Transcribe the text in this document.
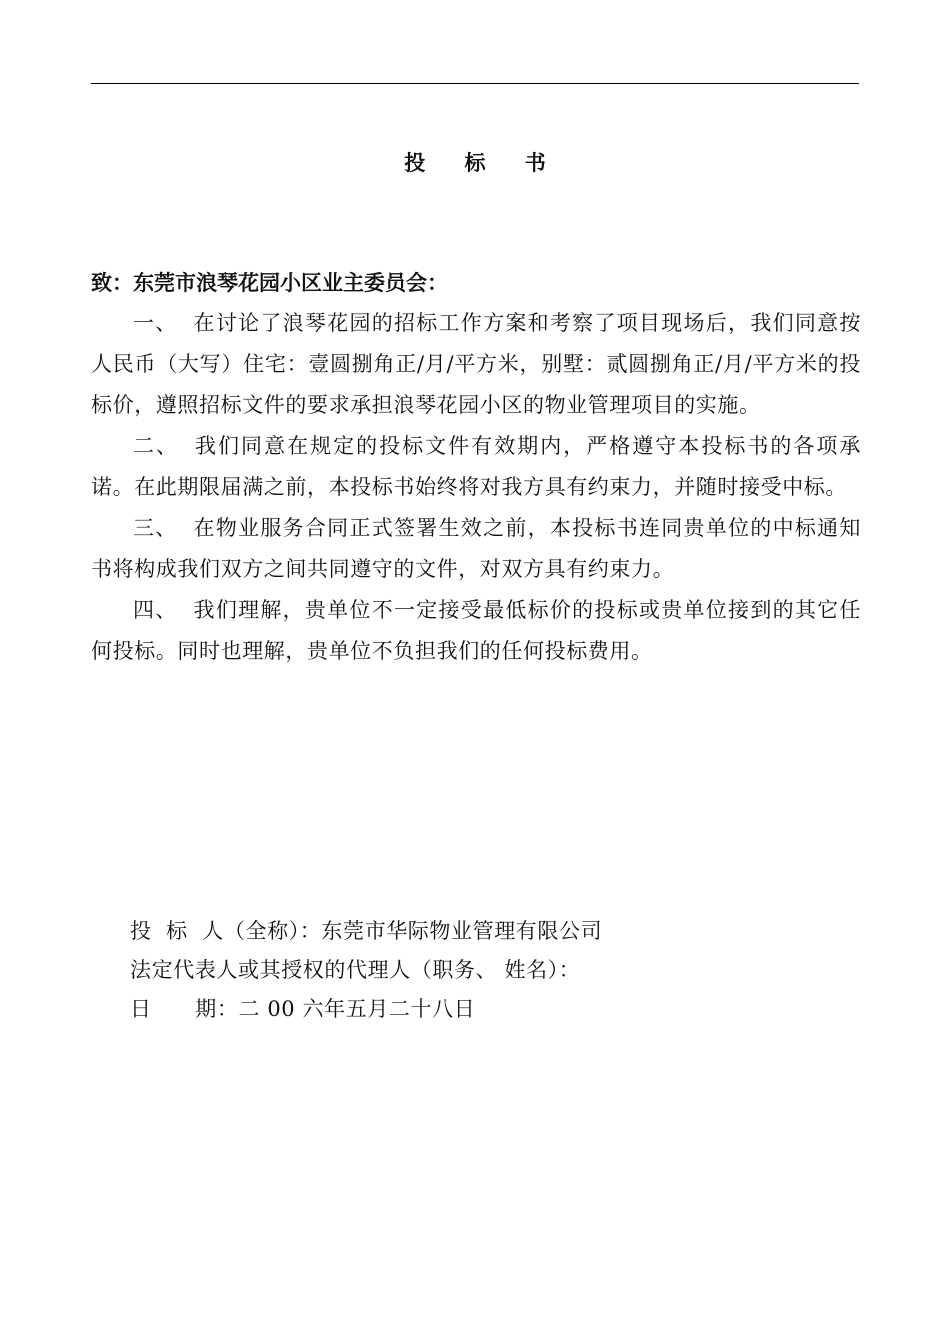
投 标 书
致：东莞市浪琴花园小区业主委员会：

一、 在讨论了浪琴花园的招标工作方案和考察了项目现场后，我们同意按人民币（大写）住宅：壹圆捌角正/月/平方米，别墅：贰圆捌角正/月/平方米的投标价，遵照招标文件的要求承担浪琴花园小区的物业管理项目的实施。

二、 我们同意在规定的投标文件有效期内，严格遵守本投标书的各项承诺。在此期限届满之前，本投标书始终将对我方具有约束力，并随时接受中标。

三、 在物业服务合同正式签署生效之前，本投标书连同贵单位的中标通知书将构成我们双方之间共同遵守的文件，对双方具有约束力。

四、 我们理解，贵单位不一定接受最低标价的投标或贵单位接到的其它任何投标。同时也理解，贵单位不负担我们的任何投标费用。

投  标  人（全称）：东莞市华际物业管理有限公司
法定代表人或其授权的代理人（职务、 姓名）：
日      期：二 00 六年五月二十八日
